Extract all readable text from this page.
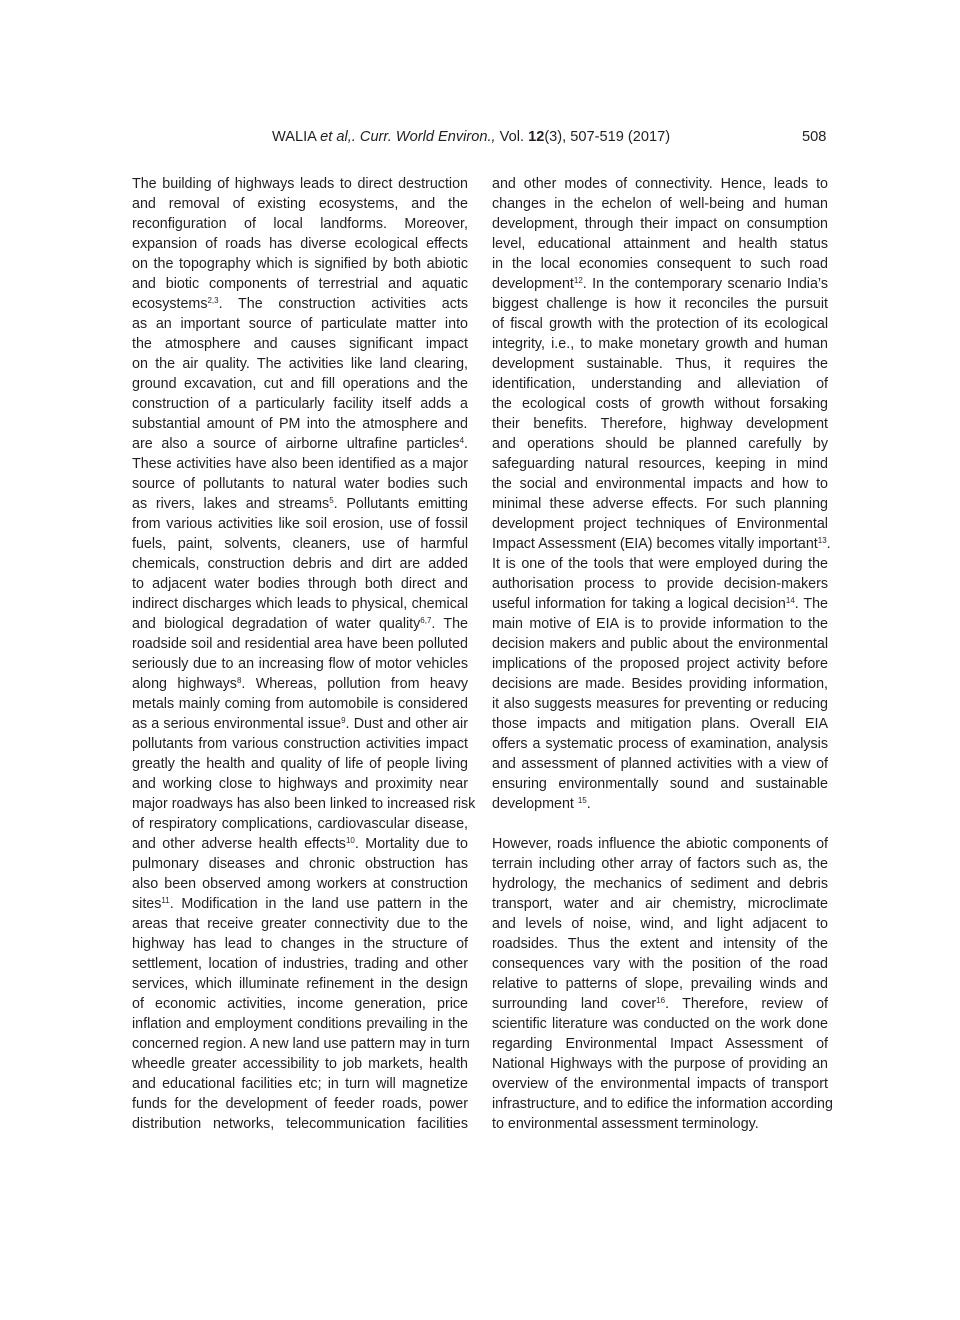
WALIA et al,. Curr. World Environ., Vol. 12(3), 507-519 (2017)	508
The building of highways leads to direct destruction
and removal of existing ecosystems, and the
reconfiguration of local landforms. Moreover,
expansion of roads has diverse ecological effects
on the topography which is signified by both abiotic
and biotic components of terrestrial and aquatic
ecosystems$^{2,3}$. The construction activities acts
as an important source of particulate matter into
the atmosphere and causes significant impact
on the air quality. The activities like land clearing,
ground excavation, cut and fill operations and the
construction of a particularly facility itself adds a
substantial amount of PM into the atmosphere and
are also a source of airborne ultrafine particles$^4$.
These activities have also been identified as a major
source of pollutants to natural water bodies such
as rivers, lakes and streams$^5$. Pollutants emitting
from various activities like soil erosion, use of fossil
fuels, paint, solvents, cleaners, use of harmful
chemicals, construction debris and dirt are added
to adjacent water bodies through both direct and
indirect discharges which leads to physical, chemical
and biological degradation of water quality$^{6,7}$. The
roadside soil and residential area have been polluted
seriously due to an increasing flow of motor vehicles
along highways$^8$. Whereas, pollution from heavy
metals mainly coming from automobile is considered
as a serious environmental issue$^9$. Dust and other air
pollutants from various construction activities impact
greatly the health and quality of life of people living
and working close to highways and proximity near
major roadways has also been linked to increased risk
of respiratory complications, cardiovascular disease,
and other adverse health effects$^{10}$. Mortality due to
pulmonary diseases and chronic obstruction has
also been observed among workers at construction
sites$^{11}$. Modification in the land use pattern in the
areas that receive greater connectivity due to the
highway has lead to changes in the structure of
settlement, location of industries, trading and other
services, which illuminate refinement in the design
of economic activities, income generation, price
inflation and employment conditions prevailing in the
concerned region. A new land use pattern may in turn
wheedle greater accessibility to job markets, health
and educational facilities etc; in turn will magnetize
funds for the development of feeder roads, power
distribution networks, telecommunication facilities
and other modes of connectivity. Hence, leads to
changes in the echelon of well-being and human
development, through their impact on consumption
level, educational attainment and health status
in the local economies consequent to such road
development$^{12}$. In the contemporary scenario India’s
biggest challenge is how it reconciles the pursuit
of fiscal growth with the protection of its ecological
integrity, i.e., to make monetary growth and human
development sustainable. Thus, it requires the
identification, understanding and alleviation of
the ecological costs of growth without forsaking
their benefits. Therefore, highway development
and operations should be planned carefully by
safeguarding natural resources, keeping in mind
the social and environmental impacts and how to
minimal these adverse effects. For such planning
development project techniques of Environmental
Impact Assessment (EIA) becomes vitally important$^{13}$.
It is one of the tools that were employed during the
authorisation process to provide decision-makers
useful information for taking a logical decision$^{14}$. The
main motive of EIA is to provide information to the
decision makers and public about the environmental
implications of the proposed project activity before
decisions are made. Besides providing information,
it also suggests measures for preventing or reducing
those impacts and mitigation plans. Overall EIA
offers a systematic process of examination, analysis
and assessment of planned activities with a view of
ensuring environmentally sound and sustainable
development $^{15}$.
However, roads influence the abiotic components of
terrain including other array of factors such as, the
hydrology, the mechanics of sediment and debris
transport, water and air chemistry, microclimate
and levels of noise, wind, and light adjacent to
roadsides. Thus the extent and intensity of the
consequences vary with the position of the road
relative to patterns of slope, prevailing winds and
surrounding land cover$^{16}$. Therefore, review of
scientific literature was conducted on the work done
regarding Environmental Impact Assessment of
National Highways with the purpose of providing an
overview of the environmental impacts of transport
infrastructure, and to edifice the information according
to environmental assessment terminology.
